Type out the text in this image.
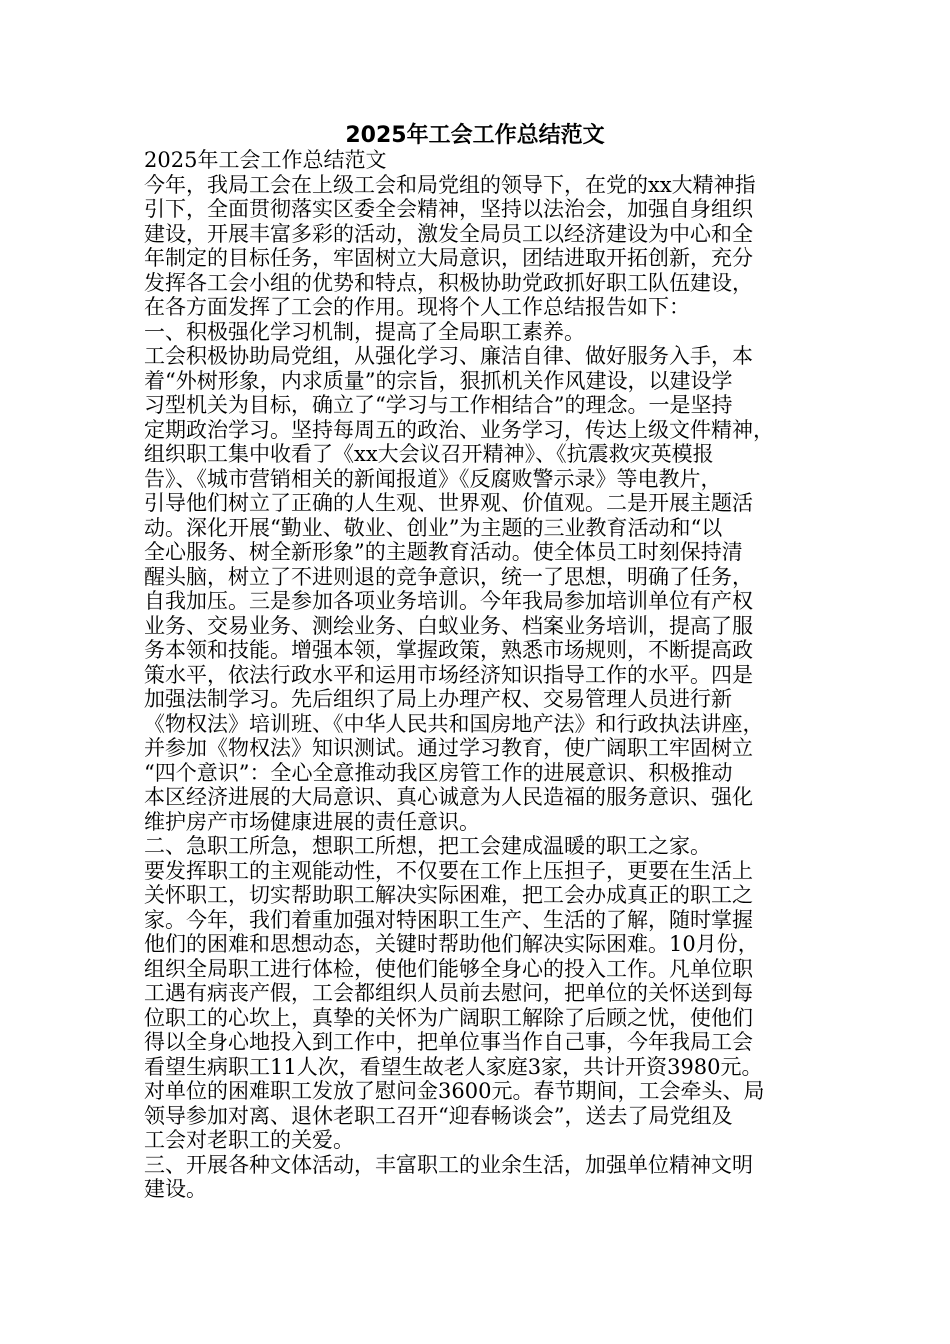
2025年工会工作总结范文

2025年工会工作总结范文

今年，我局工会在上级工会和局党组的领导下，在党的xx大精神指

引下，全面贯彻落实区委全会精神，坚持以法治会，加强自身组织

建设，开展丰富多彩的活动，激发全局员工以经济建设为中心和全

年制定的目标任务，牢固树立大局意识，团结进取开拓创新，充分

发挥各工会小组的优势和特点，积极协助党政抓好职工队伍建设，

在各方面发挥了工会的作用。现将个人工作总结报告如下：

一、积极强化学习机制，提高了全局职工素养。

工会积极协助局党组，从强化学习、廉洁自律、做好服务入手，本

着“外树形象，内求质量”的宗旨，狠抓机关作风建设，以建设学

习型机关为目标，确立了“学习与工作相结合”的理念。一是坚持

定期政治学习。坚持每周五的政治、业务学习，传达上级文件精神，

组织职工集中收看了《xx大会议召开精神》、《抗震救灾英模报

告》、《城市营销相关的新闻报道》《反腐败警示录》等电教片，

引导他们树立了正确的人生观、世界观、价值观。二是开展主题活

动。深化开展“勤业、敬业、创业”为主题的三业教育活动和“以

全心服务、树全新形象”的主题教育活动。使全体员工时刻保持清

醒头脑，树立了不进则退的竞争意识，统一了思想，明确了任务，

自我加压。三是参加各项业务培训。今年我局参加培训单位有产权

业务、交易业务、测绘业务、白蚁业务、档案业务培训，提高了服

务本领和技能。增强本领，掌握政策，熟悉市场规则，不断提高政

策水平，依法行政水平和运用市场经济知识指导工作的水平。四是

加强法制学习。先后组织了局上办理产权、交易管理人员进行新

《物权法》培训班、《中华人民共和国房地产法》和行政执法讲座，

并参加《物权法》知识测试。通过学习教育，使广阔职工牢固树立

“四个意识”：全心全意推动我区房管工作的进展意识、积极推动

本区经济进展的大局意识、真心诚意为人民造福的服务意识、强化

维护房产市场健康进展的责任意识。

二、急职工所急，想职工所想，把工会建成温暖的职工之家。

要发挥职工的主观能动性，不仅要在工作上压担子，更要在生活上

关怀职工，切实帮助职工解决实际困难，把工会办成真正的职工之

家。今年，我们着重加强对特困职工生产、生活的了解，随时掌握

他们的困难和思想动态，关键时帮助他们解决实际困难。10月份，

组织全局职工进行体检，使他们能够全身心的投入工作。凡单位职

工遇有病丧产假，工会都组织人员前去慰问，把单位的关怀送到每

位职工的心坎上，真挚的关怀为广阔职工解除了后顾之忧，使他们

得以全身心地投入到工作中，把单位事当作自己事，今年我局工会

看望生病职工11人次，看望生故老人家庭3家，共计开资3980元。

对单位的困难职工发放了慰问金3600元。春节期间，工会牵头、局

领导参加对离、退休老职工召开“迎春畅谈会”，送去了局党组及

工会对老职工的关爱。

三、开展各种文体活动，丰富职工的业余生活，加强单位精神文明

建设。
